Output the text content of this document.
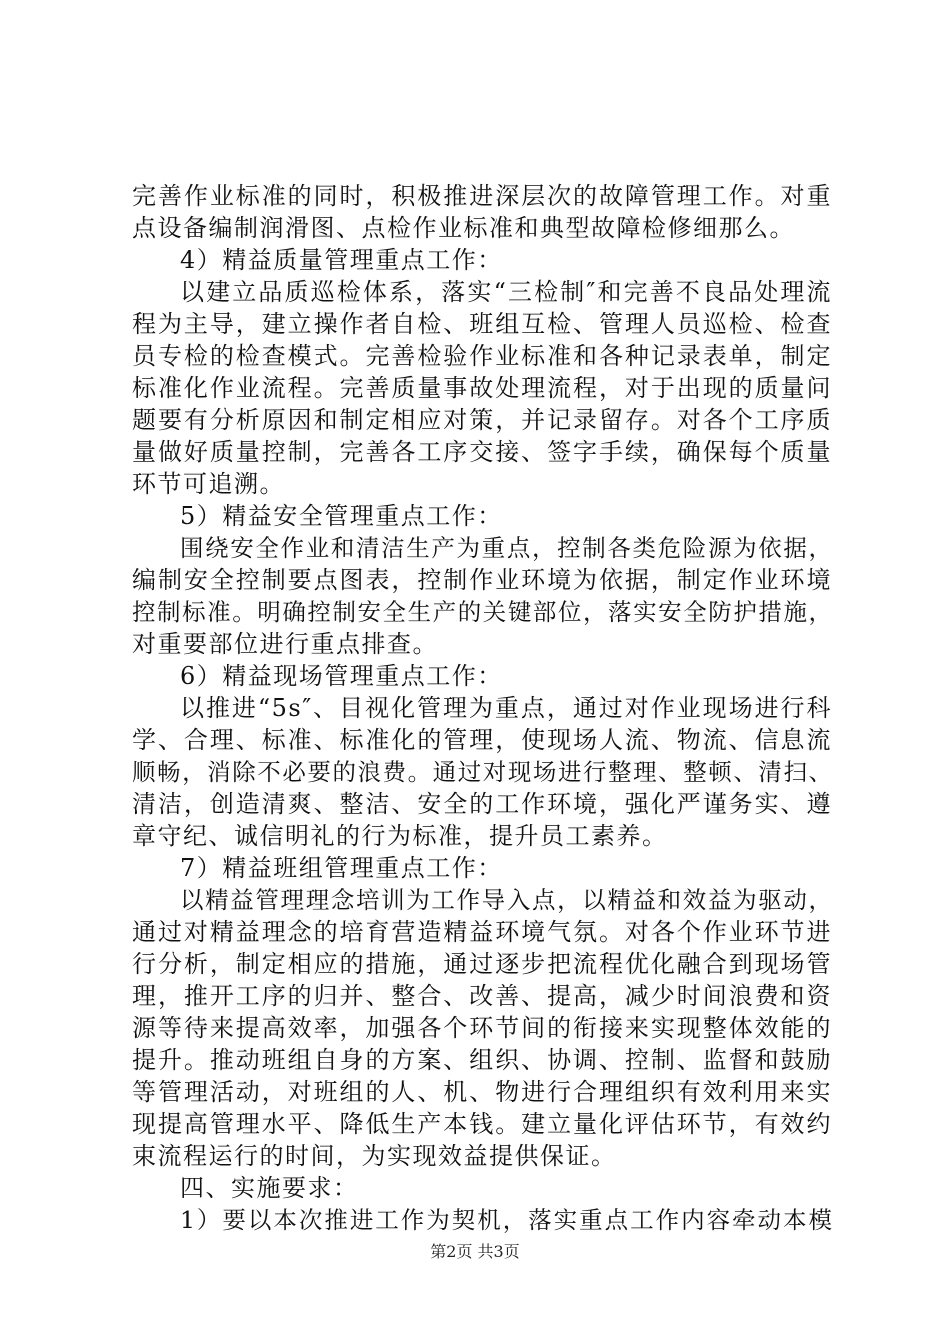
完善作业标准的同时，积极推进深层次的故障管理工作。对重
点设备编制润滑图、点检作业标准和典型故障检修细那么。
4）精益质量管理重点工作：
以建立品质巡检体系，落实“三检制″和完善不良品处理流
程为主导，建立操作者自检、班组互检、管理人员巡检、检查
员专检的检查模式。完善检验作业标准和各种记录表单，制定
标准化作业流程。完善质量事故处理流程，对于出现的质量问
题要有分析原因和制定相应对策，并记录留存。对各个工序质
量做好质量控制，完善各工序交接、签字手续，确保每个质量
环节可追溯。
5）精益安全管理重点工作：
围绕安全作业和清洁生产为重点，控制各类危险源为依据，
编制安全控制要点图表，控制作业环境为依据，制定作业环境
控制标准。明确控制安全生产的关键部位，落实安全防护措施，
对重要部位进行重点排查。
6）精益现场管理重点工作：
以推进“5s″、目视化管理为重点，通过对作业现场进行科
学、合理、标准、标准化的管理，使现场人流、物流、信息流
顺畅，消除不必要的浪费。通过对现场进行整理、整顿、清扫、
清洁，创造清爽、整洁、安全的工作环境，强化严谨务实、遵
章守纪、诚信明礼的行为标准，提升员工素养。
7）精益班组管理重点工作：
以精益管理理念培训为工作导入点，以精益和效益为驱动，
通过对精益理念的培育营造精益环境气氛。对各个作业环节进
行分析，制定相应的措施，通过逐步把流程优化融合到现场管
理，推开工序的归并、整合、改善、提高，减少时间浪费和资
源等待来提高效率，加强各个环节间的衔接来实现整体效能的
提升。推动班组自身的方案、组织、协调、控制、监督和鼓励
等管理活动，对班组的人、机、物进行合理组织有效利用来实
现提高管理水平、降低生产本钱。建立量化评估环节，有效约
束流程运行的时间，为实现效益提供保证。
四、实施要求：
1）要以本次推进工作为契机，落实重点工作内容牵动本模
第2页 共3页
